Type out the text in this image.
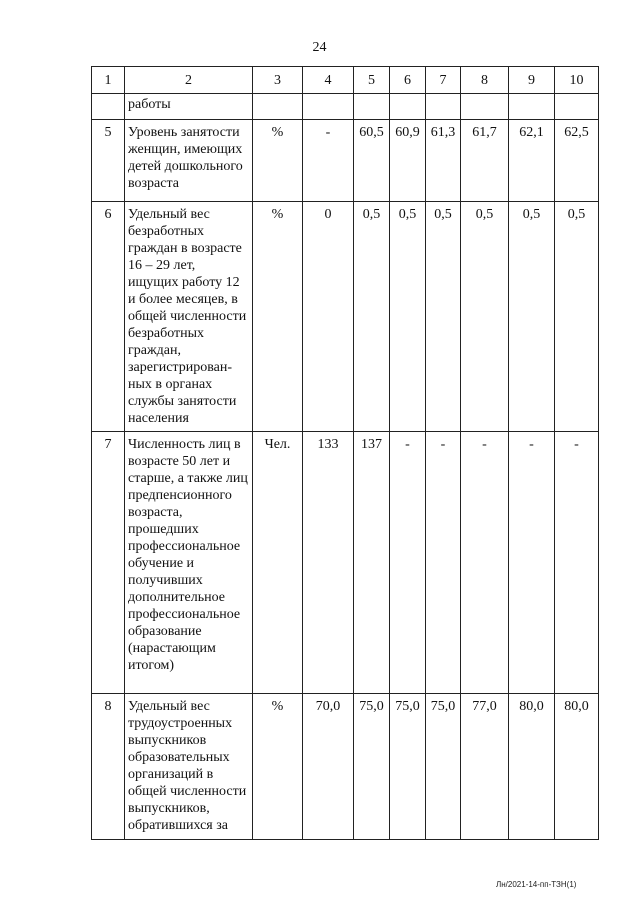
24
1	2	3	4	5	6	7	8	9	10
	работы								
5	Уровень занятости женщин, имеющих детей дошкольного возраста	%	-	60,5	60,9	61,3	61,7	62,1	62,5
6	Удельный вес безработных граждан в возрасте 16 – 29 лет, ищущих работу 12 и более месяцев, в общей численности безработных граждан, зарегистрирован-ных в органах службы занятости населения	%	0	0,5	0,5	0,5	0,5	0,5	0,5
7	Численность лиц в возрасте 50 лет и старше, а также лиц предпенсионного возраста, прошедших профессиональное обучение и получивших дополнительное профессиональное образование (нарастающим итогом)	Чел.	133	137	-	-	-	-	-
8	Удельный вес трудоустроенных выпускников образовательных организаций в общей численности выпускников, обратившихся за	%	70,0	75,0	75,0	75,0	77,0	80,0	80,0
Лн/2021-14-пп-ТЗН(1)
